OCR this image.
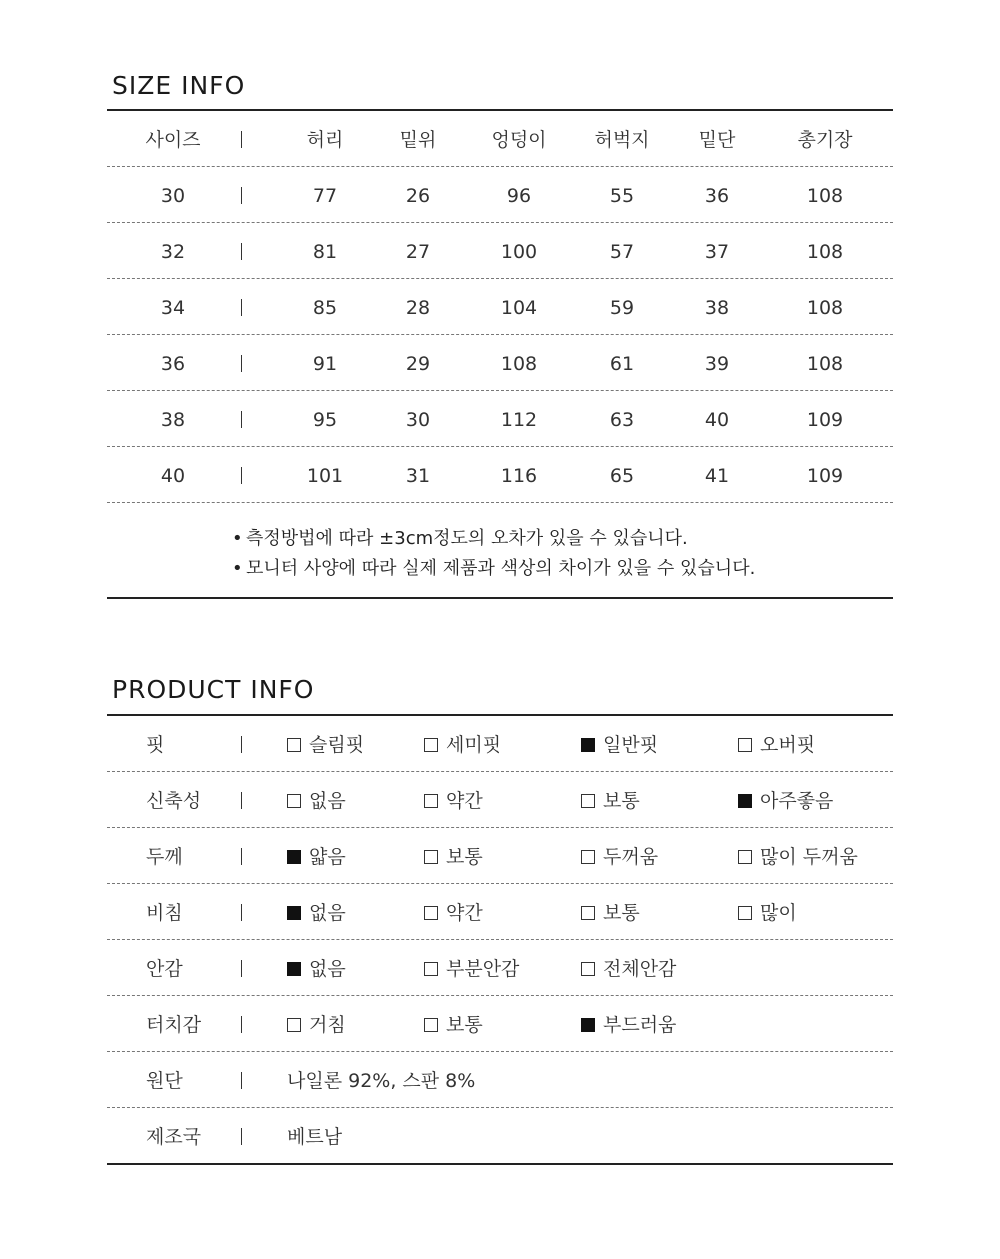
SIZE INFO
사이즈	허리	밑위	엉덩이	허벅지	밑단	총기장
30	77	26	96	55	36	108
32	81	27	100	57	37	108
34	85	28	104	59	38	108
36	91	29	108	61	39	108
38	95	30	112	63	40	109
40	101	31	116	65	41	109
• 측정방법에 따라 ±3cm정도의 오차가 있을 수 있습니다.
• 모니터 사양에 따라 실제 제품과 색상의 차이가 있을 수 있습니다.
PRODUCT INFO
핏	슬림핏	세미핏	일반핏	오버핏
신축성	없음	약간	보통	아주좋음
두께	얇음	보통	두꺼움	많이 두꺼움
비침	없음	약간	보통	많이
안감	없음	부분안감	전체안감
터치감	거침	보통	부드러움
원단	나일론 92%, 스판 8%
제조국	베트남
